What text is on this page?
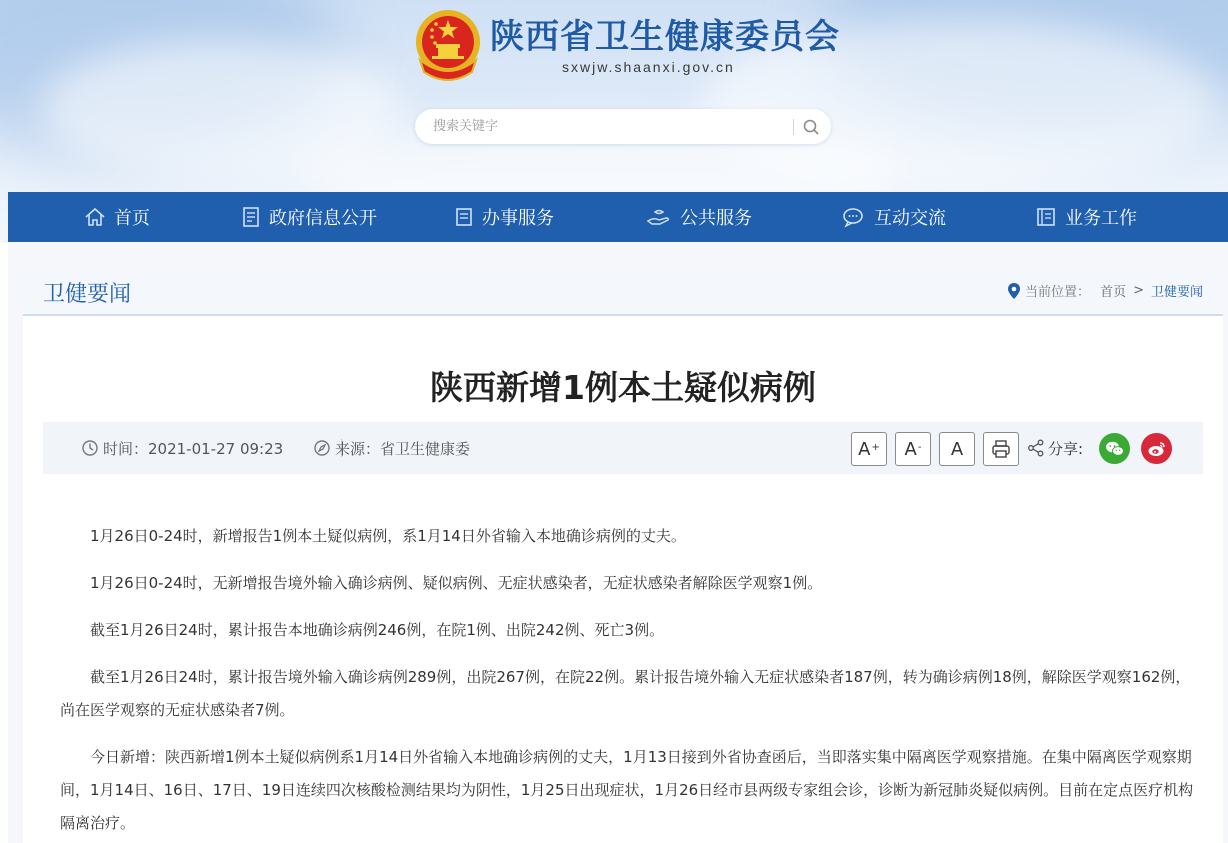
陕西省卫生健康委员会
sxwjw.shaanxi.gov.cn
搜索关键字
首页	政府信息公开	办事服务	公共服务	互动交流	业务工作
卫健要闻	当前位置： 首页 > 卫健要闻
陕西新增1例本土疑似病例
时间：2021-01-27 09:23	来源：省卫生健康委	A+ A- A	分享:

1月26日0-24时，新增报告1例本土疑似病例，系1月14日外省输入本地确诊病例的丈夫。

1月26日0-24时，无新增报告境外输入确诊病例、疑似病例、无症状感染者，无症状感染者解除医学观察1例。

截至1月26日24时，累计报告本地确诊病例246例，在院1例、出院242例、死亡3例。

截至1月26日24时，累计报告境外输入确诊病例289例，出院267例，在院22例。累计报告境外输入无症状感染者187例，转为确诊病例18例，解除医学观察162例，尚在医学观察的无症状感染者7例。

今日新增：陕西新增1例本土疑似病例系1月14日外省输入本地确诊病例的丈夫，1月13日接到外省协查函后，当即落实集中隔离医学观察措施。在集中隔离医学观察期间，1月14日、16日、17日、19日连续四次核酸检测结果均为阴性，1月25日出现症状，1月26日经市县两级专家组会诊，诊断为新冠肺炎疑似病例。目前在定点医疗机构隔离治疗。
